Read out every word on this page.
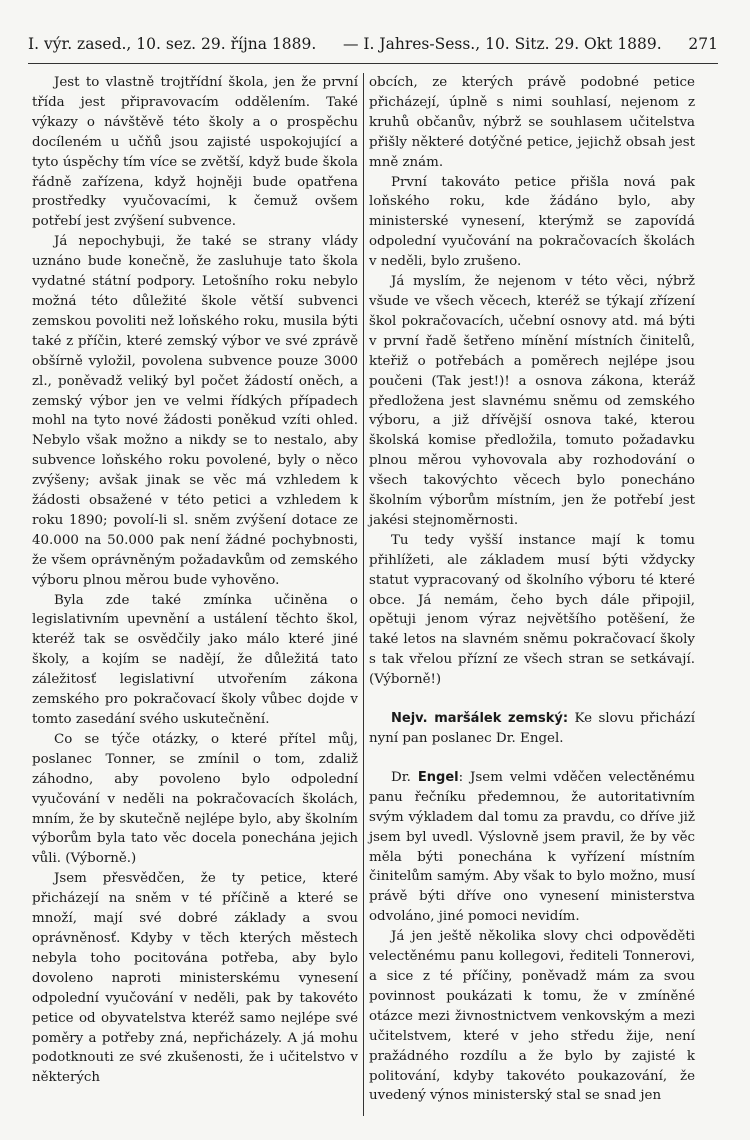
I. výr. zased., 10. sez. 29. října 1889. — I. Jahres-Sess., 10. Sitz. 29. Okt 1889. 271

Jest to vlastně trojtřídní škola, jen že první třída jest připravovacím oddělením. Také výkazy o návštěvě této školy a o prospěchu docíleném u učňů jsou zajisté uspokojující a tyto úspěchy tím více se zvětší, když bude škola řádně zařízena, když hojněji bude opatřena prostředky vyučovacími, k čemuž ovšem potřebí jest zvýšení subvence.

Já nepochybuji, že také se strany vlády uznáno bude konečně, že zasluhuje tato škola vydatné státní podpory. Letošního roku nebylo možná této důležité škole větší subvenci zemskou povoliti než loňského roku, musila býti také z příčin, které zemský výbor ve své zprávě obšírně vyložil, povolena subvence pouze 3000 zl., poněvadž veliký byl počet žádostí oněch, a zemský výbor jen ve velmi řídkých případech mohl na tyto nové žádosti poněkud vzíti ohled. Nebylo však možno a nikdy se to nestalo, aby subvence loňského roku povolené, byly o něco zvýšeny; avšak jinak se věc má vzhledem k žádosti obsažené v této petici a vzhledem k roku 1890; povolí-li sl. sněm zvýšení dotace ze 40.000 na 50.000 pak není žádné pochybnosti, že všem oprávněným požadavkům od zemského výboru plnou měrou bude vyhověno.

Byla zde také zmínka učiněna o legislativním upevnění a ustálení těchto škol, kteréž tak se osvědčily jako málo které jiné školy, a kojím se nadějí, že důležitá tato záležitosť legislativní utvořením zákona zemského pro pokračovací školy vůbec dojde v tomto zasedání svého uskutečnění.

Co se týče otázky, o které přítel můj, poslanec Tonner, se zmínil o tom, zdaliž záhodno, aby povoleno bylo odpolední vyučování v neděli na pokračovacích školách, mním, že by skutečně nejlépe bylo, aby školním výborům byla tato věc docela ponechána jejich vůli. (Výborně.)

Jsem přesvědčen, že ty petice, které přicházejí na sněm v té příčině a které se množí, mají své dobré základy a svou oprávněnosť. Kdyby v těch kterých městech nebyla toho pocitována potřeba, aby bylo dovoleno naproti ministerskému vynesení odpolední vyučování v neděli, pak by takovéto petice od obyvatelstva kteréž samo nejlépe své poměry a potřeby zná, nepřicházely. A já mohu podotknouti ze své zkušenosti, že i učitelstvo v některých

obcích, ze kterých právě podobné petice přicházejí, úplně s nimi souhlasí, nejenom z kruhů občanův, nýbrž se souhlasem učitelstva přišly některé dotýčné petice, jejichž obsah jest mně znám.

První takováto petice přišla nová pak loňského roku, kde žádáno bylo, aby ministerské vynesení, kterýmž se zapovídá odpolední vyučování na pokračovacích školách v neděli, bylo zrušeno.

Já myslím, že nejenom v této věci, nýbrž všude ve všech věcech, kteréž se týkají zřízení škol pokračovacích, učební osnovy atd. má býti v první řadě šetřeno mínění místních činitelů, kteřiž o potřebách a poměrech nejlépe jsou poučeni (Tak jest!)! a osnova zákona, kteráž předložena jest slavnému sněmu od zemského výboru, a již dřívější osnova také, kterou školská komise předložila, tomuto požadavku plnou měrou vyhovovala aby rozhodování o všech takovýchto věcech bylo ponecháno školním výborům místním, jen že potřebí jest jakési stejnoměrnosti.

Tu tedy vyšší instance mají k tomu přihlížeti, ale základem musí býti vždycky statut vypracovaný od školního výboru té které obce. Já nemám, čeho bych dále připojil, opětuji jenom výraz největšího potěšení, že také letos na slavném sněmu pokračovací školy s tak vřelou přízní ze všech stran se setkávají. (Výborně!)

Nejv. maršálek zemský: Ke slovu přichází nyní pan poslanec Dr. Engel.

Dr. Engel: Jsem velmi vděčen velectěnému panu řečníku předemnou, že autoritativním svým výkladem dal tomu za pravdu, co dříve již jsem byl uvedl. Výslovně jsem pravil, že by věc měla býti ponechána k vyřízení místním činitelům samým. Aby však to bylo možno, musí právě býti dříve ono vynesení ministerstva odvoláno, jiné pomoci nevidím.

Já jen ještě několika slovy chci odpověděti velectěnému panu kollegovi, řediteli Tonnerovi, a sice z té příčiny, poněvadž mám za svou povinnost poukázati k tomu, že v zmíněné otázce mezi živnostnictvem venkovským a mezi učitelstvem, které v jeho středu žije, není pražádného rozdílu a že bylo by zajisté k politování, kdyby takovéto poukazování, že uvedený výnos ministerský stal se snad jen
